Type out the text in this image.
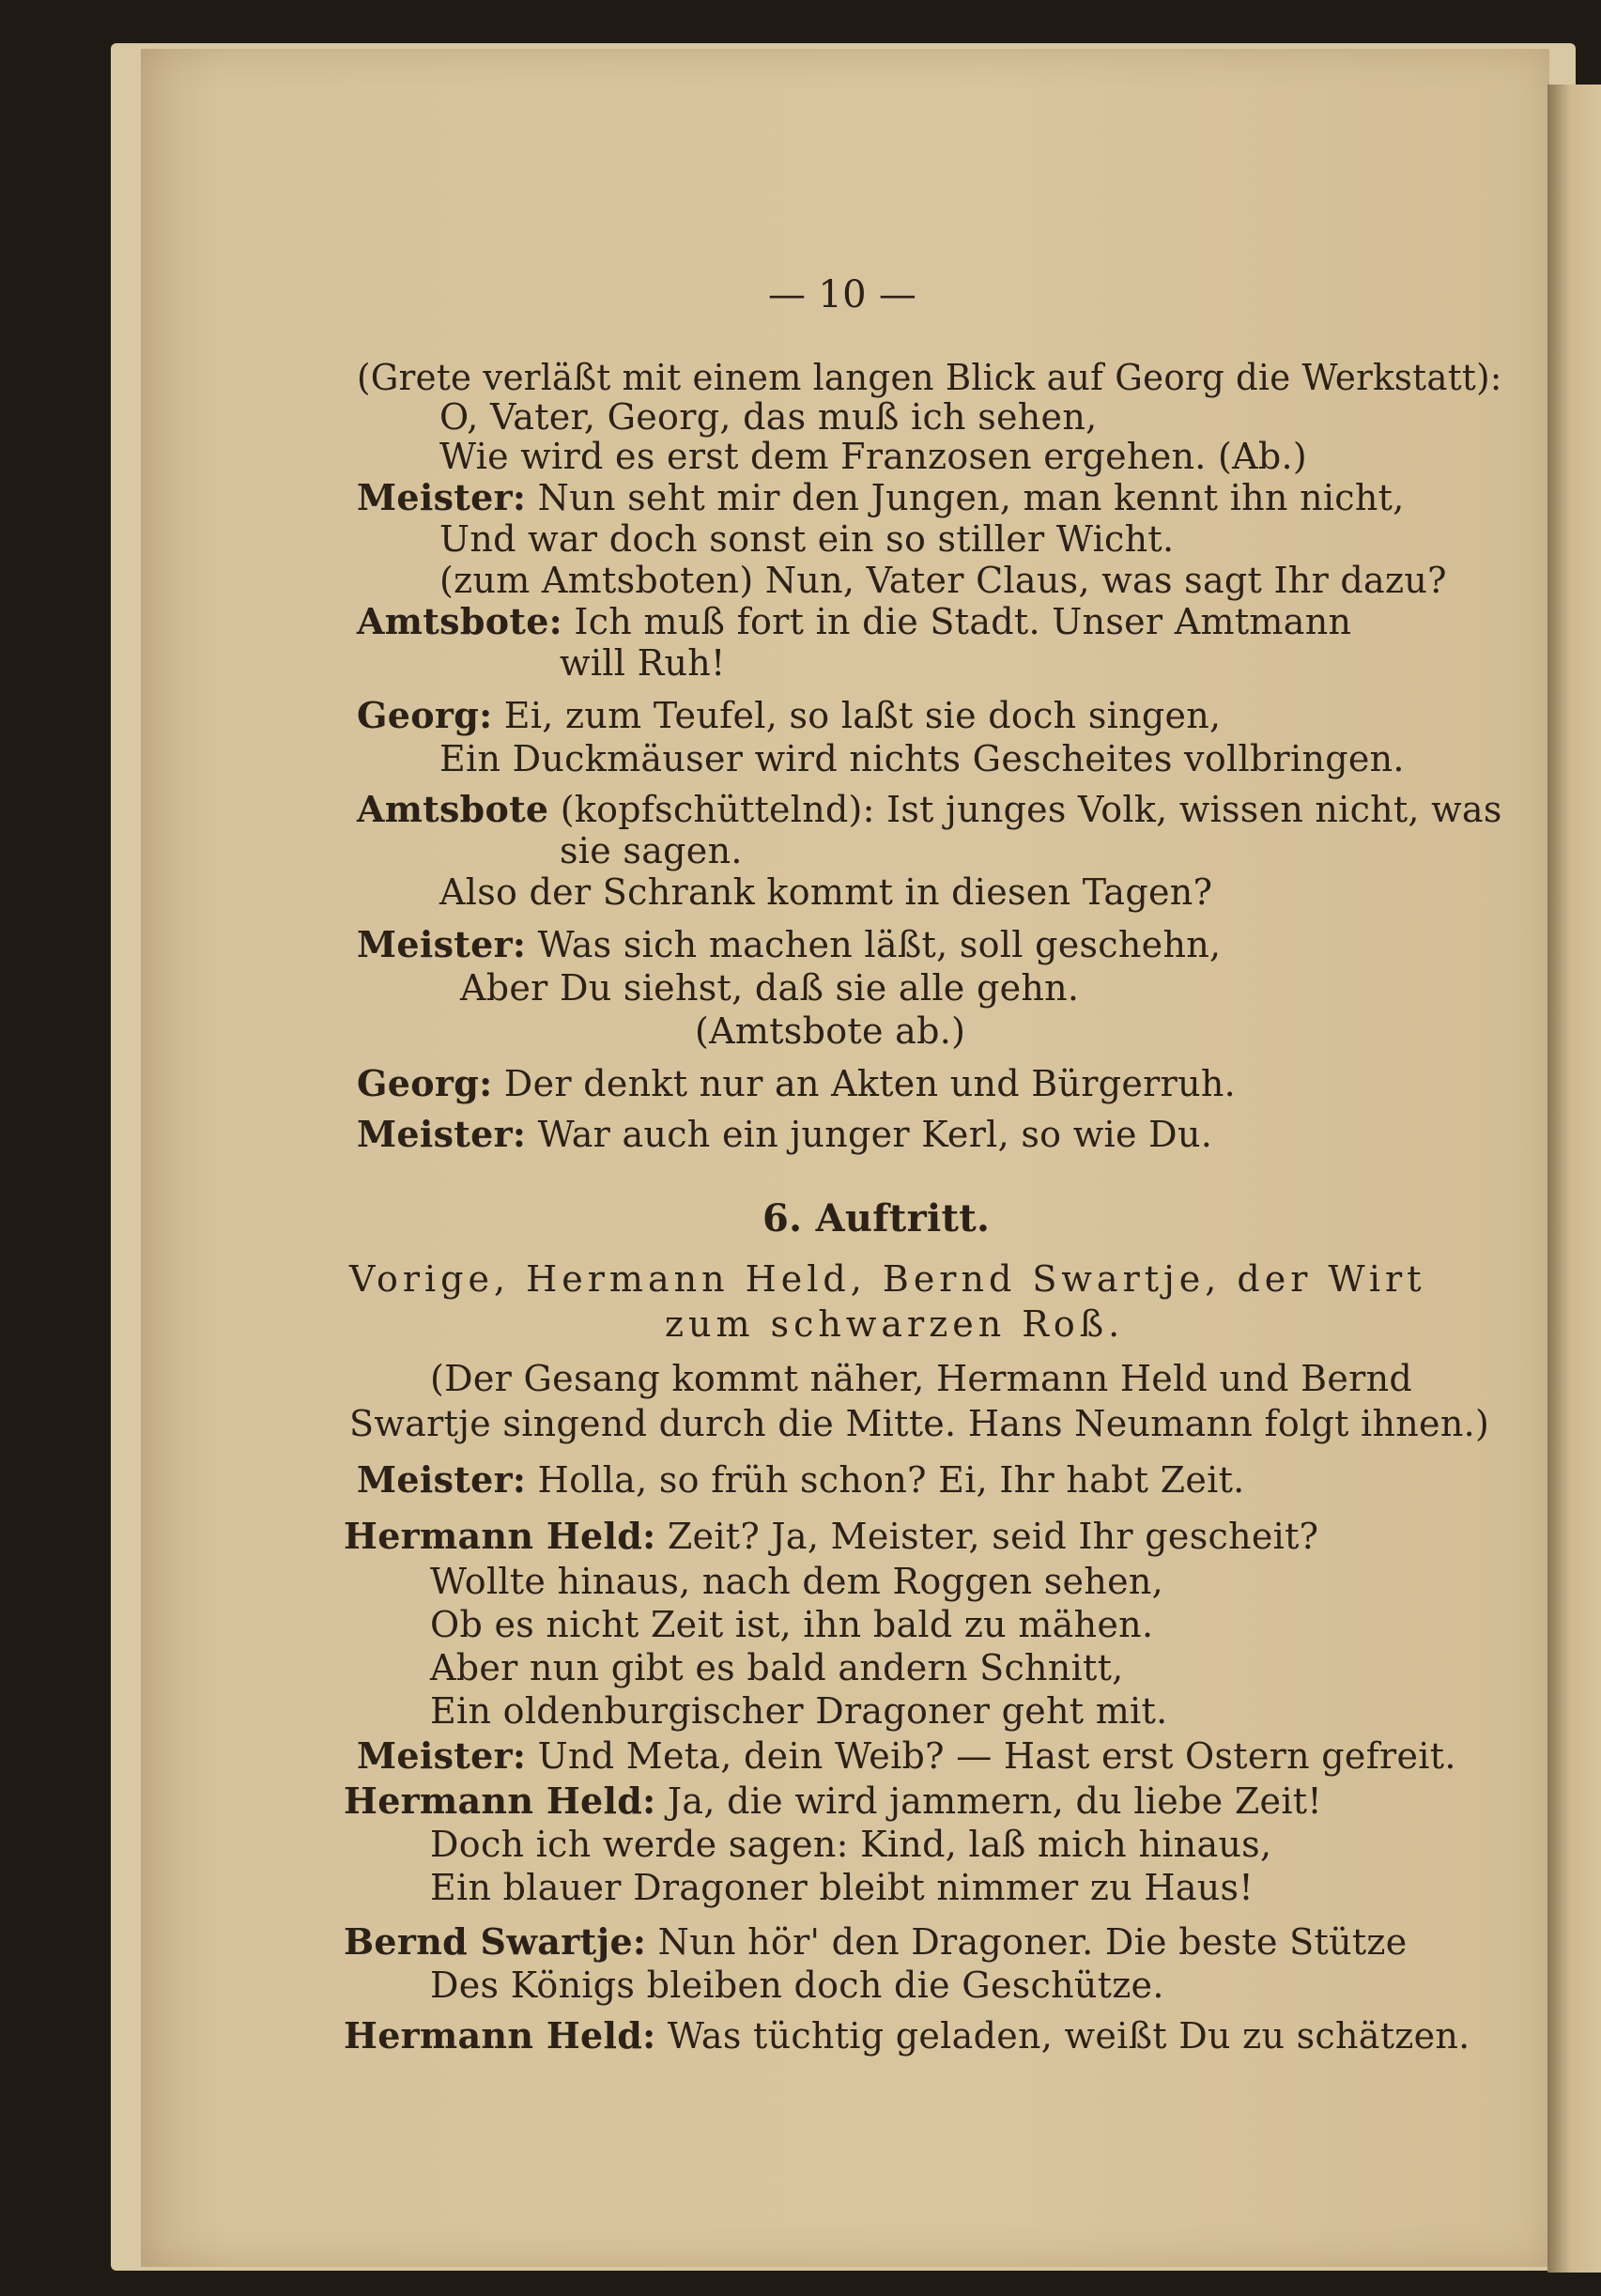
— 10 —
(Grete verläßt mit einem langen Blick auf Georg die Werkstatt):
O, Vater, Georg, das muß ich sehen,
Wie wird es erst dem Franzosen ergehen. (Ab.)
Meister: Nun seht mir den Jungen, man kennt ihn nicht,
Und war doch sonst ein so stiller Wicht.
(zum Amtsboten) Nun, Vater Claus, was sagt Ihr dazu?
Amtsbote: Ich muß fort in die Stadt. Unser Amtmann
will Ruh!
Georg: Ei, zum Teufel, so laßt sie doch singen,
Ein Duckmäuser wird nichts Gescheites vollbringen.
Amtsbote (kopfschüttelnd): Ist junges Volk, wissen nicht, was
sie sagen.
Also der Schrank kommt in diesen Tagen?
Meister: Was sich machen läßt, soll geschehn,
Aber Du siehst, daß sie alle gehn.
(Amtsbote ab.)
Georg: Der denkt nur an Akten und Bürgerruh.
Meister: War auch ein junger Kerl, so wie Du.
6. Auftritt.
Vorige, Hermann Held, Bernd Swartje, der Wirt
zum schwarzen Roß.
(Der Gesang kommt näher, Hermann Held und Bernd
Swartje singend durch die Mitte. Hans Neumann folgt ihnen.)
Meister: Holla, so früh schon? Ei, Ihr habt Zeit.
Hermann Held: Zeit? Ja, Meister, seid Ihr gescheit?
Wollte hinaus, nach dem Roggen sehen,
Ob es nicht Zeit ist, ihn bald zu mähen.
Aber nun gibt es bald andern Schnitt,
Ein oldenburgischer Dragoner geht mit.
Meister: Und Meta, dein Weib? — Hast erst Ostern gefreit.
Hermann Held: Ja, die wird jammern, du liebe Zeit!
Doch ich werde sagen: Kind, laß mich hinaus,
Ein blauer Dragoner bleibt nimmer zu Haus!
Bernd Swartje: Nun hör' den Dragoner. Die beste Stütze
Des Königs bleiben doch die Geschütze.
Hermann Held: Was tüchtig geladen, weißt Du zu schätzen.
